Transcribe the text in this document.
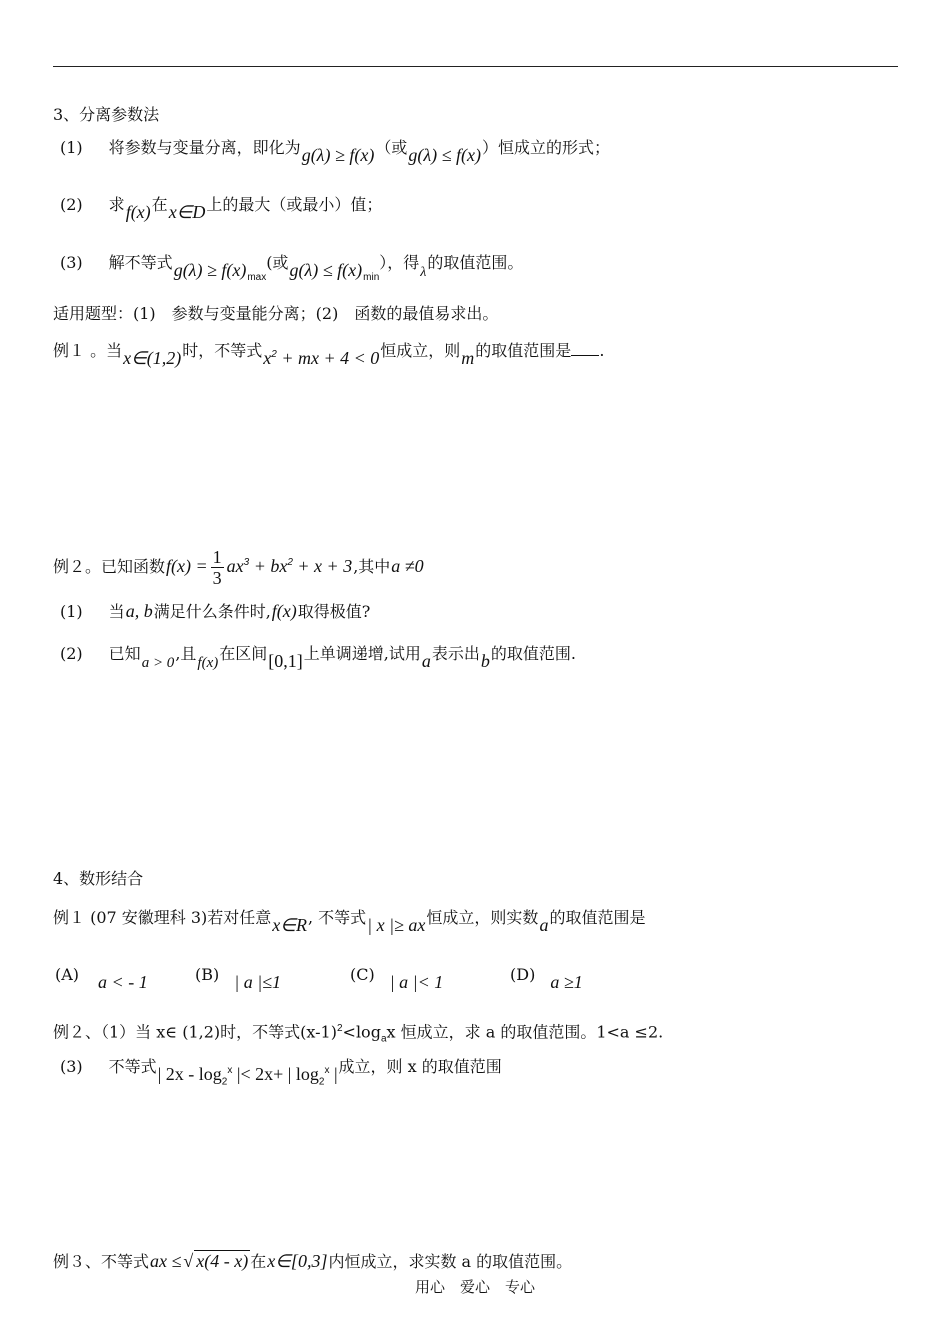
3、分离参数法
(1) 将参数与变量分离，即化为g(λ) ≥ f(x)（或g(λ) ≤ f(x)）恒成立的形式；
(2) 求f(x)在x∈D上的最大（或最小）值；
(3) 解不等式$g(\lambda) \ge f(x)_{max}$(或$g(\lambda) \le f(x)_{min}$），得λ的取值范围。
适用题型：(1)　参数与变量能分离；(2)　函数的最值易求出。
例１ 。当x∈(1,2)时，不等式$x^2$ + mx + 4 < 0恒成立，则m的取值范围是 .
例２。已知函数$f(x) = \frac{1}{3} ax^3 + bx^2 + x + 3$,其中a ≠0
(1) 当a, b满足什么条件时,f(x)取得极值?
(2) 已知a > 0,且f(x)在区间[0,1]上单调递增,试用a表示出b的取值范围.
4、数形结合
例１ (07 安徽理科 3)若对任意x∈R, 不等式| x |≥ ax恒成立，则实数a的取值范围是
(A) a < - 1	(B) | a |≤1	(C) | a |< 1	(D) a ≥1
例２、（1）当 x∈ (1,2)时，不等式$(x-1)^2<\log_ax$ 恒成立，求 a 的取值范围。1<a ≤2.
(3) 不等式| $2x - \log_2^x$ |< 2x+ | $\log_2^x$ |成立，则 x 的取值范围
例３、不等式ax ≤ √ x(4 - x) 在x∈[0,3]内恒成立，求实数 a 的取值范围。
用心　爱心　专心
